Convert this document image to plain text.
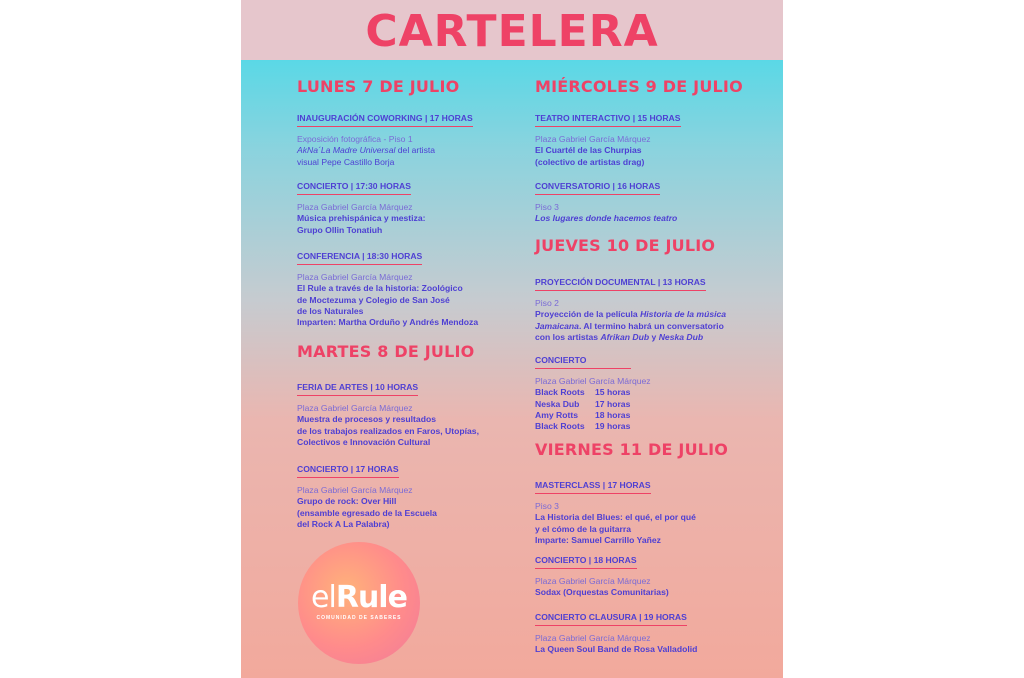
CARTELERA
LUNES 7 DE JULIO
INAUGURACIÓN COWORKING | 17 HORAS
Exposición fotográfica - Piso 1
AkNa´La Madre Universal del artista
visual Pepe Castillo Borja
CONCIERTO | 17:30 HORAS
Plaza Gabriel García Márquez
Música prehispánica y mestiza:
Grupo Ollin Tonatiuh
CONFERENCIA | 18:30 HORAS
Plaza Gabriel García Márquez
El Rule a través de la historia: Zoológico
de Moctezuma y Colegio de San José
de los Naturales
Imparten: Martha Orduño y Andrés Mendoza
MARTES 8 DE JULIO
FERIA DE ARTES | 10 HORAS
Plaza Gabriel García Márquez
Muestra de procesos y resultados
de los trabajos realizados en Faros, Utopías,
Colectivos e Innovación Cultural
CONCIERTO | 17 HORAS
Plaza Gabriel García Márquez
Grupo de rock: Over Hill
(ensamble egresado de la Escuela
del Rock A La Palabra)
MIÉRCOLES 9 DE JULIO
TEATRO INTERACTIVO | 15 HORAS
Plaza Gabriel García Márquez
El Cuartél de las Churpias
(colectivo de artistas drag)
CONVERSATORIO | 16 HORAS
Piso 3
Los lugares donde hacemos teatro
JUEVES 10 DE JULIO
PROYECCIÓN DOCUMENTAL | 13 HORAS
Piso 2
Proyección de la película Historia de la música
Jamaicana. Al termino habrá un conversatorio
con los artistas Afrikan Dub y Neska Dub
CONCIERTO
Plaza Gabriel García Márquez
Black Roots 15 horas
Neska Dub 17 horas
Amy Rotts 18 horas
Black Roots 19 horas
VIERNES 11 DE JULIO
MASTERCLASS | 17 HORAS
Piso 3
La Historia del Blues: el qué, el por qué
y el cómo de la guitarra
Imparte: Samuel Carrillo Yañez
CONCIERTO | 18 HORAS
Plaza Gabriel García Márquez
Sodax (Orquestas Comunitarias)
CONCIERTO CLAUSURA | 19 HORAS
Plaza Gabriel García Márquez
La Queen Soul Band de Rosa Valladolid
elRule
COMUNIDAD DE SABERES
